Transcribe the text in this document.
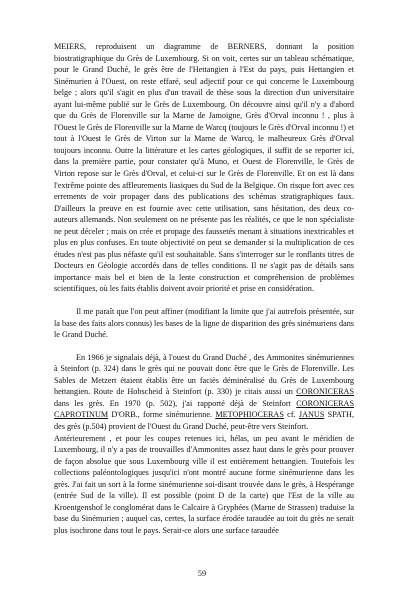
MEIERS, reproduisent un diagramme de BERNERS, donnant la position biostratigraphique du Grès de Luxembourg. Si on voit, certes sur un tableau schématique, pour le Grand Duché, le grès être de l'Hettangien à l'Est du pays, puis Hettangien et Sinémurien à l'Ouest, on reste effaré, seul adjectif pour ce qui concerne le Luxembourg belge ; alors qu'il s'agit en plus d'un travail de thèse sous la direction d'un universitaire ayant lui-même publié sur le Grès de Luxembourg. On découvre ainsi qu'il n'y a d'abord que du Grès de Florenville sur la Marne de Jamoigne, Grès d'Orval inconnu ! , plus à l'Ouest le Grès de Florenville sur la Marne de Warcq (toujours le Grès d'Orval inconnu !) et tout à l'Ouest le Grès de Virton sur la Marne de Warcq, le malheureux Grès d'Orval toujours inconnu. Outre la littérature et les cartes géologiques, il suffit de se reporter ici, dans la première partie, pour constater qu'à Muno, et Ouest de Florenville, le Grès de Virton repose sur le Grès d'Orval, et celui-ci sur le Grès de Florenville. Et on est là dans l'extrême pointe des affleurements liasiques du Sud de la Belgique. On risque fort avec ces errements de voir propager dans des publications des schémas stratigraphiques faux. D'ailleurs la preuve en est fournie avec cette utilisation, sans hésitation, des deux co-auteurs allemands. Non seulement on ne présente pas les réalités, ce que le non spécialiste ne peut déceler ; mais on crée et propage des faussetés menant à situations inextricables et plus en plus confuses. En toute objectivité on peut se demander si la multiplication de ces études n'est pas plus néfaste qu'il est souhaitable. Sans s'interroger sur le ronflants titres de Docteurs en Géologie accordés dans de telles conditions. Il ne s'agit pas de détails sans importance mais bel et bien de la lente construction et compréhension de problèmes scientifiques, où les faits établis doivent avoir priorité et prise en considération.

Il me paraît que l'on peut affiner (modifiant la limite que j'ai autrefois présentée, sur la base des faits alors connus) les bases de la ligne de disparition des grès sinémuriens dans le Grand Duché.

En 1966 je signalais déjà, à l'ouest du Grand Duché , des Ammonites sinémuriennes à Steinfort (p. 324) dans le grès qui ne pouvait donc être que le Grès de Florenville. Les Sables de Metzert étaient établis être un faciès déminéralisé du Grès de Luxembourg hettangien. Route de Hobscheid à Steinfort (p. 330) je citais aussi un CORONICERAS dans les grès. En 1970 (p. 502), j'ai rapporté déjà de Steinfort CORONICERAS CAPROTINUM D'ORB., forme sinémurienne. METOPHIOCERAS cf. JANUS SPATH, des grès (p.504) provient de l'Ouest du Grand Duché, peut-être vers Steinfort.

Antérieurement , et pour les coupes retenues ici, hélas, un peu avant le méridien de Luxembourg, il n'y a pas de trouvailles d'Ammonites assez haut dans le grès pour prouver de façon absolue que sous Luxembourg ville il est entièrement hettangien. Toutefois les collections paléontologiques jusqu'ici n'ont montré aucune forme sinémurienne dans les grès. J'ai fait un sort à la forme sinémurienne soi-disant trouvée dans le grès, à Hespérange (entrée Sud de la ville). Il est possible (point D de la carte) que l'Est de la ville au Kroentgenshof le conglomérat dans le Calcaire à Gryphées (Marne de Strassen) traduise la base du Sinémurien ; auquel cas, certes, la surface érodée taraudée au toit du grès ne serait plus isochrone dans tout le pays. Serait-ce alors une surface taraudée

59
